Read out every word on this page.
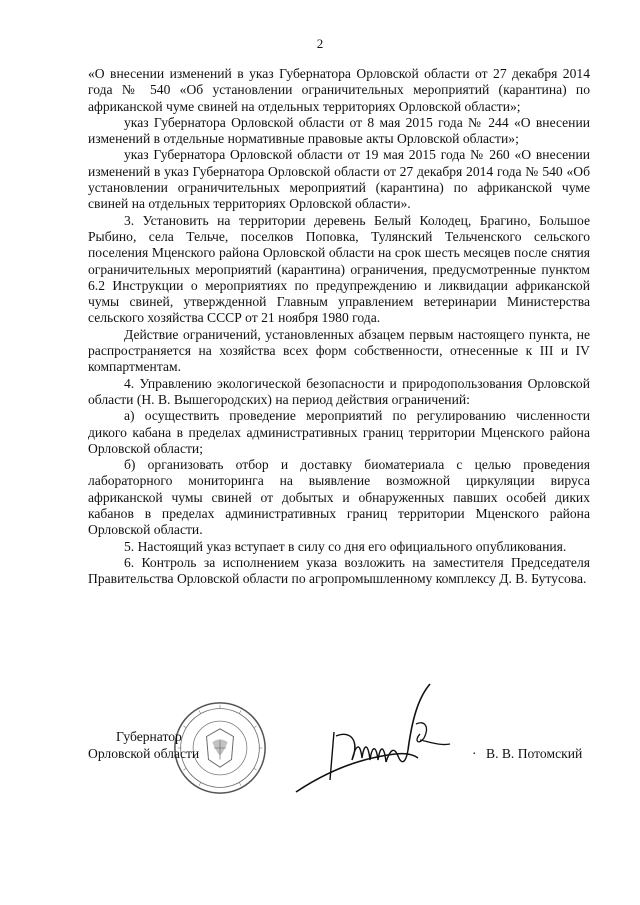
2

«О внесении изменений в указ Губернатора Орловской области от 27 декабря 2014 года № 540 «Об установлении ограничительных мероприятий (карантина) по африканской чуме свиней на отдельных территориях Орловской области»;

указ Губернатора Орловской области от 8 мая 2015 года № 244 «О внесении изменений в отдельные нормативные правовые акты Орловской области»;

указ Губернатора Орловской области от 19 мая 2015 года № 260 «О внесении изменений в указ Губернатора Орловской области от 27 декабря 2014 года № 540 «Об установлении ограничительных мероприятий (карантина) по африканской чуме свиней на отдельных территориях Орловской области».

3. Установить на территории деревень Белый Колодец, Брагино, Большое Рыбино, села Тельче, поселков Поповка, Тулянский Тельченского сельского поселения Мценского района Орловской области на срок шесть месяцев после снятия ограничительных мероприятий (карантина) ограничения, предусмотренные пунктом 6.2 Инструкции о мероприятиях по предупреждению и ликвидации африканской чумы свиней, утвержденной Главным управлением ветеринарии Министерства сельского хозяйства СССР от 21 ноября 1980 года.

Действие ограничений, установленных абзацем первым настоящего пункта, не распространяется на хозяйства всех форм собственности, отнесенные к III и IV компартментам.

4. Управлению экологической безопасности и природопользования Орловской области (Н. В. Вышегородских) на период действия ограничений:

а) осуществить проведение мероприятий по регулированию численности дикого кабана в пределах административных границ территории Мценского района Орловской области;

б) организовать отбор и доставку биоматериала с целью проведения лабораторного мониторинга на выявление возможной циркуляции вируса африканской чумы свиней от добытых и обнаруженных павших особей диких кабанов в пределах административных границ территории Мценского района Орловской области.

5. Настоящий указ вступает в силу со дня его официального опубликования.

6. Контроль за исполнением указа возложить на заместителя Председателя Правительства Орловской области по агропромышленному комплексу Д. В. Бутусова.

Губернатор
Орловской области	· В. В. Потомский
